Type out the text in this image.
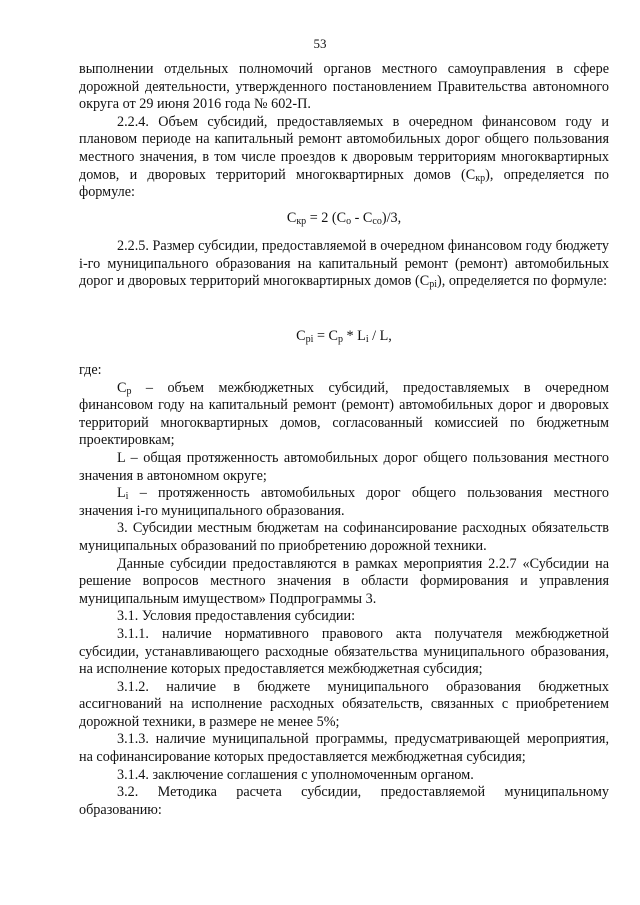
53

выполнении отдельных полномочий органов местного самоуправления в сфере дорожной деятельности, утвержденного постановлением Правительства автономного округа от 29 июня 2016 года № 602-П.

2.2.4. Объем субсидий, предоставляемых в очередном финансовом году и плановом периоде на капитальный ремонт автомобильных дорог общего пользования местного значения, в том числе проездов к дворовым территориям многоквартирных домов, и дворовых территорий многоквартирных домов $(С_{кр})$, определяется по формуле:

$С_{кр} = 2$ $(С_о - С_{со})/3$,

2.2.5. Размер субсидии, предоставляемой в очередном финансовом году бюджету i-го муниципального образования на капитальный ремонт (ремонт) автомобильных дорог и дворовых территорий многоквартирных домов $(С_{рi})$, определяется по формуле:

$С_{рi} = С_р * L_i / L$,

где:

$С_р$ – объем межбюджетных субсидий, предоставляемых в очередном финансовом году на капитальный ремонт (ремонт) автомобильных дорог и дворовых территорий многоквартирных домов, согласованный комиссией по бюджетным проектировкам;

L – общая протяженность автомобильных дорог общего пользования местного значения в автономном округе;

$L_i$ – протяженность автомобильных дорог общего пользования местного значения i-го муниципального образования.

3. Субсидии местным бюджетам на софинансирование расходных обязательств муниципальных образований по приобретению дорожной техники.

Данные субсидии предоставляются в рамках мероприятия 2.2.7 «Субсидии на решение вопросов местного значения в области формирования и управления муниципальным имуществом» Подпрограммы 3.

3.1. Условия предоставления субсидии:

3.1.1. наличие нормативного правового акта получателя межбюджетной субсидии, устанавливающего расходные обязательства муниципального образования, на исполнение которых предоставляется межбюджетная субсидия;

3.1.2. наличие в бюджете муниципального образования бюджетных ассигнований на исполнение расходных обязательств, связанных с приобретением дорожной техники, в размере не менее 5%;

3.1.3. наличие муниципальной программы, предусматривающей мероприятия, на софинансирование которых предоставляется межбюджетная субсидия;

3.1.4. заключение соглашения с уполномоченным органом.

3.2. Методика расчета субсидии, предоставляемой муниципальному образованию:
